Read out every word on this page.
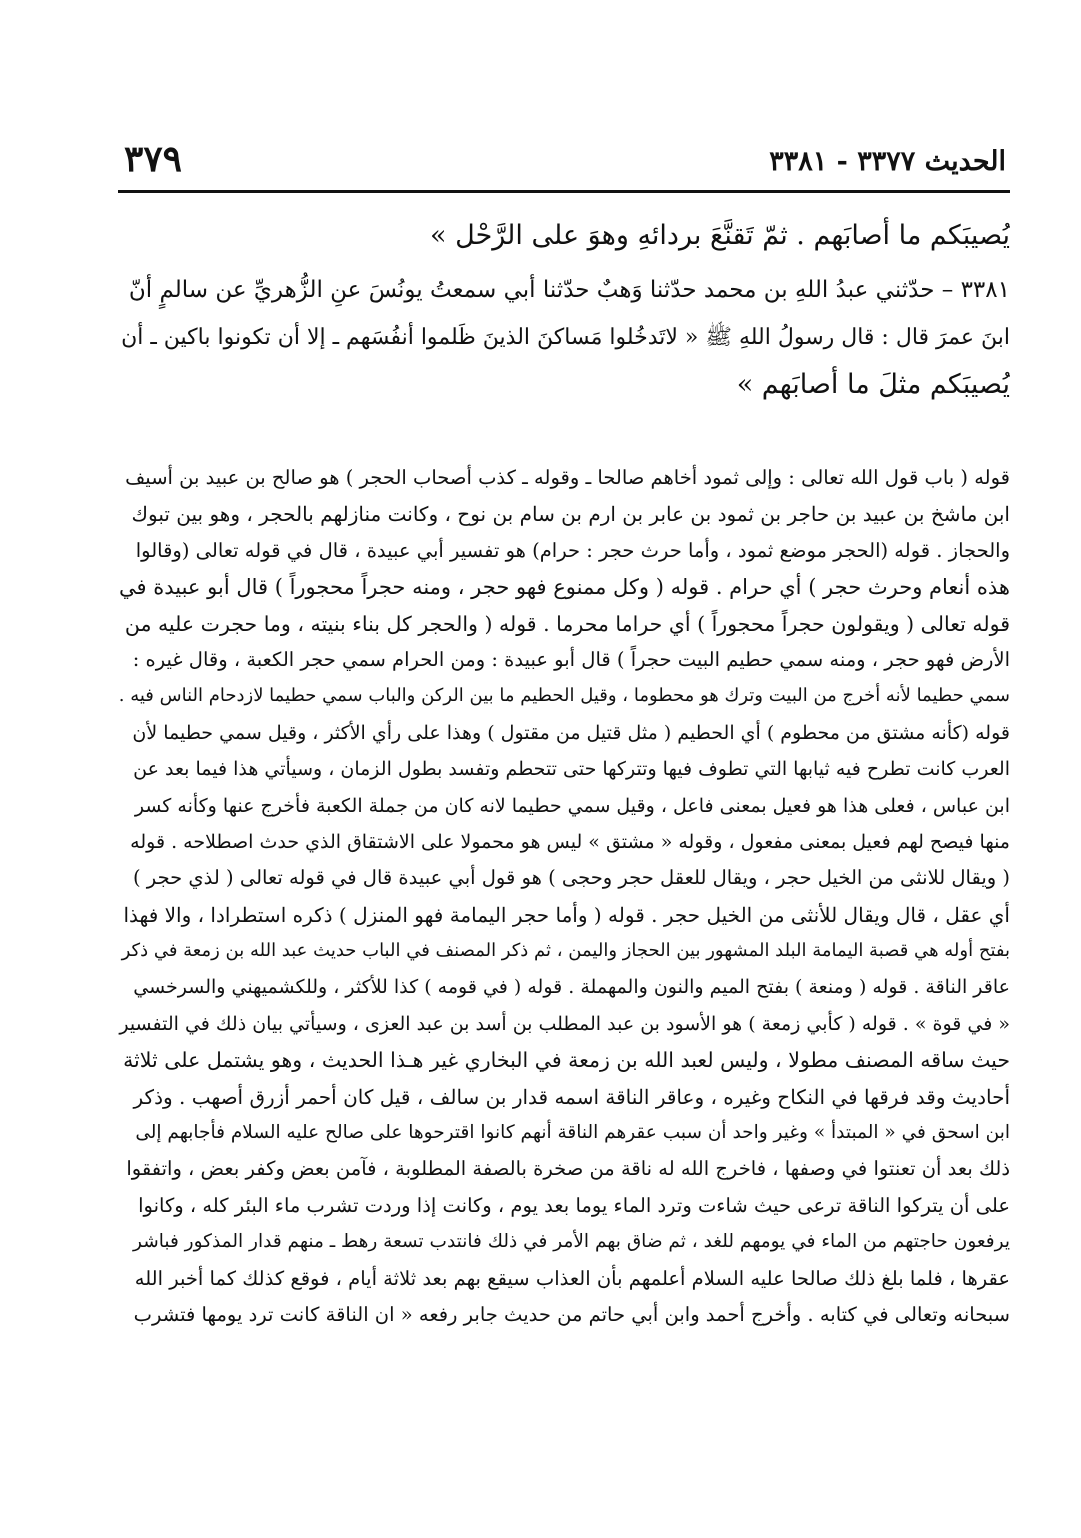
الحديث ٣٣٧٧ - ٣٣٨١
٣٧٩
يُصيبَكم ما أصابَهم . ثمّ تَقنَّعَ بردائهِ وهوَ على الرَّحْل »
٣٣٨١ – حدّثني عبدُ اللهِ بن محمد حدّثنا وَهبٌ حدّثنا أبي سمعتُ يونُسَ عنِ الزُّهريِّ عن سالمٍ أنّ
ابنَ عمرَ قال : قال رسولُ اللهِ ﷺ « لاتَدخُلوا مَساكنَ الذينَ ظَلموا أنفُسَهم ـ إلا أن تكونوا باكين ـ أن
يُصيبَكم مثلَ ما أصابَهم »
قوله ( باب قول الله تعالى : وإلى ثمود أخاهم صالحا ـ وقوله ـ كذب أصحاب الحجر ) هو صالح بن عبيد بن أسيف
ابن ماشخ بن عبيد بن حاجر بن ثمود بن عابر بن ارم بن سام بن نوح ، وكانت منازلهم بالحجر ، وهو بين تبوك
والحجاز . قوله (الحجر موضع ثمود ، وأما حرث حجر : حرام) هو تفسير أبي عبيدة ، قال في قوله تعالى (وقالوا
هذه أنعام وحرث حجر ) أي حرام . قوله ( وكل ممنوع فهو حجر ، ومنه حجراً محجوراً ) قال أبو عبيدة في
قوله تعالى ( ويقولون حجراً محجوراً ) أي حراما محرما . قوله ( والحجر كل بناء بنيته ، وما حجرت عليه من
الأرض فهو حجر ، ومنه سمي حطيم البيت حجراً ) قال أبو عبيدة : ومن الحرام سمي حجر الكعبة ، وقال غيره :
سمي حطيما لأنه أخرج من البيت وترك هو محطوما ، وقيل الحطيم ما بين الركن والباب سمي حطيما لازدحام الناس فيه .
قوله (كأنه مشتق من محطوم ) أي الحطيم ( مثل قتيل من مقتول ) وهذا على رأي الأكثر ، وقيل سمي حطيما لأن
العرب كانت تطرح فيه ثيابها التي تطوف فيها وتتركها حتى تتحطم وتفسد بطول الزمان ، وسيأتي هذا فيما بعد عن
ابن عباس ، فعلى هذا هو فعيل بمعنى فاعل ، وقيل سمي حطيما لانه كان من جملة الكعبة فأخرج عنها وكأنه كسر
منها فيصح لهم فعيل بمعنى مفعول ، وقوله « مشتق » ليس هو محمولا على الاشتقاق الذي حدث اصطلاحه . قوله
( ويقال للانثى من الخيل حجر ، ويقال للعقل حجر وحجى ) هو قول أبي عبيدة قال في قوله تعالى ( لذي حجر )
أي عقل ، قال ويقال للأنثى من الخيل حجر . قوله ( وأما حجر اليمامة فهو المنزل ) ذكره استطرادا ، والا فهذا
بفتح أوله هي قصبة اليمامة البلد المشهور بين الحجاز واليمن ، ثم ذكر المصنف في الباب حديث عبد الله بن زمعة في ذكر
عاقر الناقة . قوله ( ومنعة ) بفتح الميم والنون والمهملة . قوله ( في قومه ) كذا للأكثر ، وللكشميهني والسرخسي
« في قوة » . قوله ( كأبي زمعة ) هو الأسود بن عبد المطلب بن أسد بن عبد العزى ، وسيأتي بيان ذلك في التفسير
حيث ساقه المصنف مطولا ، وليس لعبد الله بن زمعة في البخاري غير هـذا الحديث ، وهو يشتمل على ثلاثة
أحاديث وقد فرقها في النكاح وغيره ، وعاقر الناقة اسمه قدار بن سالف ، قيل كان أحمر أزرق أصهب . وذكر
ابن اسحق في « المبتدأ » وغير واحد أن سبب عقرهم الناقة أنهم كانوا اقترحوها على صالح عليه السلام فأجابهم إلى
ذلك بعد أن تعنتوا في وصفها ، فاخرج الله له ناقة من صخرة بالصفة المطلوبة ، فآمن بعض وكفر بعض ، واتفقوا
على أن يتركوا الناقة ترعى حيث شاءت وترد الماء يوما بعد يوم ، وكانت إذا وردت تشرب ماء البئر كله ، وكانوا
يرفعون حاجتهم من الماء في يومهم للغد ، ثم ضاق بهم الأمر في ذلك فانتدب تسعة رهط ـ منهم قدار المذكور فباشر
عقرها ، فلما بلغ ذلك صالحا عليه السلام أعلمهم بأن العذاب سيقع بهم بعد ثلاثة أيام ، فوقع كذلك كما أخبر الله
سبحانه وتعالى في كتابه . وأخرج أحمد وابن أبي حاتم من حديث جابر رفعه « ان الناقة كانت ترد يومها فتشرب
